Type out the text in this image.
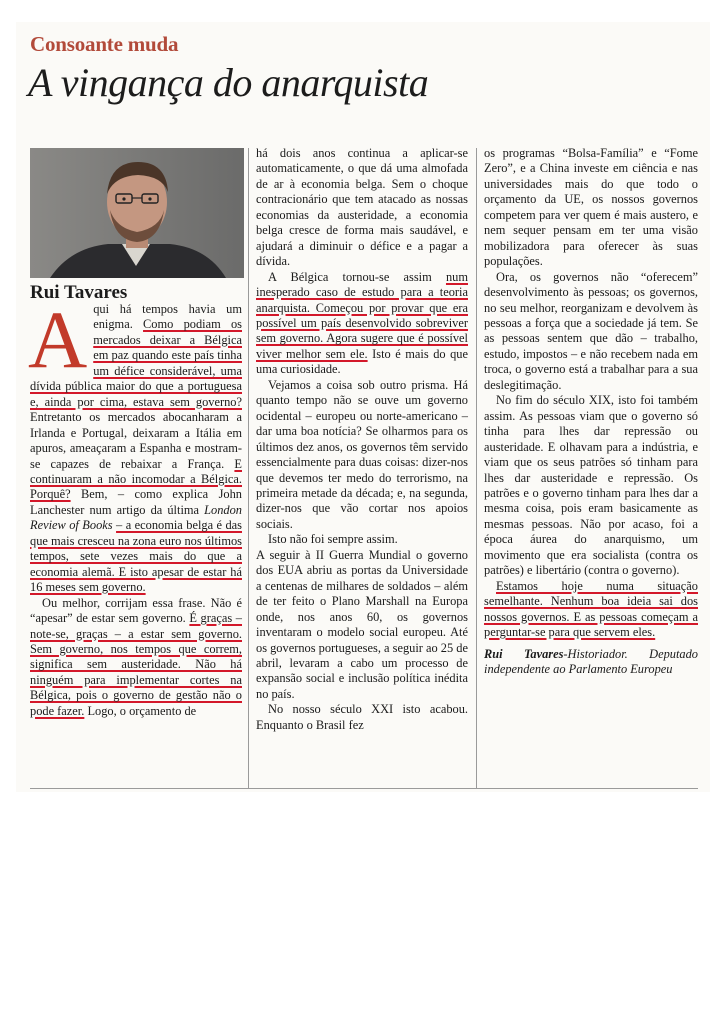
Consoante muda
A vingança do anarquista
Rui Tavares

A qui há tempos havia um enigma. Como podiam os mercados deixar a Bélgica em paz quando este país tinha um défice considerável, uma dívida pública maior do que a portuguesa e, ainda por cima, estava sem governo? Entretanto os mercados abocanharam a Irlanda e Portugal, deixaram a Itália em apuros, ameaçaram a Espanha e mostram-se capazes de rebaixar a França. E continuaram a não incomodar a Bélgica. Porquê? Bem, – como explica John Lanchester num artigo da última London Review of Books – a economia belga é das que mais cresceu na zona euro nos últimos tempos, sete vezes mais do que a economia alemã. E isto apesar de estar há 16 meses sem governo.

Ou melhor, corrijam essa frase. Não é “apesar” de estar sem governo. É graças – note-se, graças – a estar sem governo. Sem governo, nos tempos que correm, significa sem austeridade. Não há ninguém para implementar cortes na Bélgica, pois o governo de gestão não o pode fazer. Logo, o orçamento de

há dois anos continua a aplicar-se automaticamente, o que dá uma almofada de ar à economia belga. Sem o choque contracionário que tem atacado as nossas economias da austeridade, a economia belga cresce de forma mais saudável, e ajudará a diminuir o défice e a pagar a dívida.

A Bélgica tornou-se assim num inesperado caso de estudo para a teoria anarquista. Começou por provar que era possível um país desenvolvido sobreviver sem governo. Agora sugere que é possível viver melhor sem ele. Isto é mais do que uma curiosidade.

Vejamos a coisa sob outro prisma. Há quanto tempo não se ouve um governo ocidental – europeu ou norte-americano – dar uma boa notícia? Se olharmos para os últimos dez anos, os governos têm servido essencialmente para duas coisas: dizer-nos que devemos ter medo do terrorismo, na primeira metade da década; e, na segunda, dizer-nos que vão cortar nos apoios sociais.

Isto não foi sempre assim.

A seguir à II Guerra Mundial o governo dos EUA abriu as portas da Universidade a centenas de milhares de soldados – além de ter feito o Plano Marshall na Europa onde, nos anos 60, os governos inventaram o modelo social europeu. Até os governos portugueses, a seguir ao 25 de abril, levaram a cabo um processo de expansão social e inclusão política inédita no país.

No nosso século XXI isto acabou. Enquanto o Brasil fez

os programas “Bolsa-Família” e “Fome Zero”, e a China investe em ciência e nas universidades mais do que todo o orçamento da UE, os nossos governos competem para ver quem é mais austero, e nem sequer pensam em ter uma visão mobilizadora para oferecer às suas populações.

Ora, os governos não “oferecem” desenvolvimento às pessoas; os governos, no seu melhor, reorganizam e devolvem às pessoas a força que a sociedade já tem. Se as pessoas sentem que dão – trabalho, estudo, impostos – e não recebem nada em troca, o governo está a trabalhar para a sua deslegitimação.

No fim do século XIX, isto foi também assim. As pessoas viam que o governo só tinha para lhes dar repressão ou austeridade. E olhavam para a indústria, e viam que os seus patrões só tinham para lhes dar austeridade e repressão. Os patrões e o governo tinham para lhes dar a mesma coisa, pois eram basicamente as mesmas pessoas. Não por acaso, foi a época áurea do anarquismo, um movimento que era socialista (contra os patrões) e libertário (contra o governo).

Estamos hoje numa situação semelhante. Nenhum boa ideia sai dos nossos governos. E as pessoas começam a perguntar-se para que servem eles.

Rui Tavares-Historiador. Deputado independente ao Parlamento Europeu
